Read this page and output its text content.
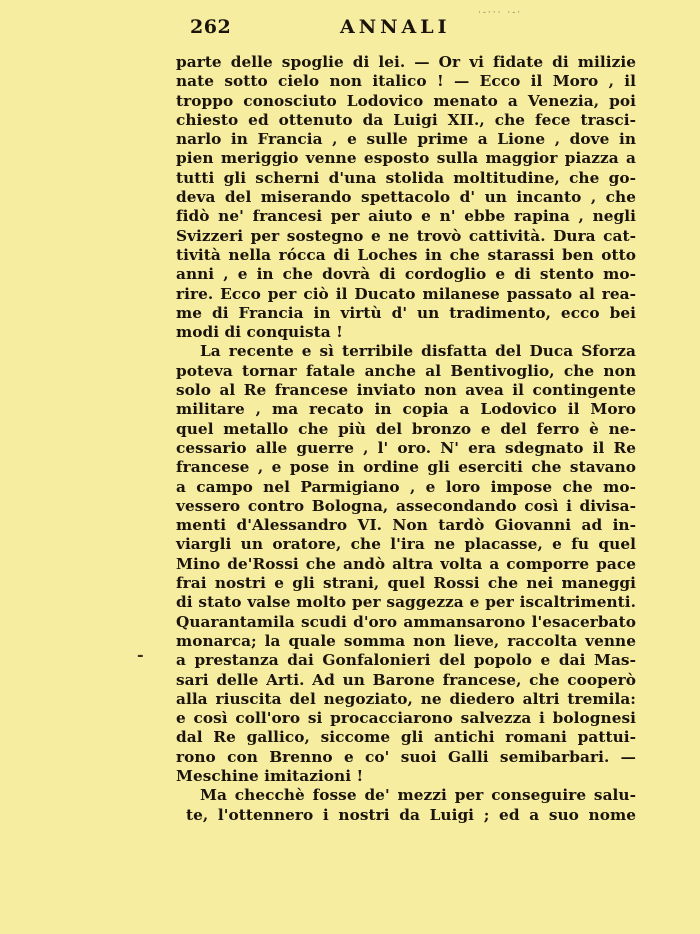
262	ANNALI
·-··· ·-·
-
parte delle spoglie di lei. — Or vi fidate di milizie
nate sotto cielo non italico ! — Ecco il Moro , il
troppo conosciuto Lodovico menato a Venezia, poi
chiesto ed ottenuto da Luigi XII., che fece trasci-
narlo in Francia , e sulle prime a Lione , dove in
pien meriggio venne esposto sulla maggior piazza a
tutti gli scherni d'una stolida moltitudine, che go-
deva del miserando spettacolo d' un incanto , che
fidò ne' francesi per aiuto e n' ebbe rapina , negli
Svizzeri per sostegno e ne trovò cattività. Dura cat-
tività nella rócca di Loches in che starassi ben otto
anni , e in che dovrà di cordoglio e di stento mo-
rire. Ecco per ciò il Ducato milanese passato al rea-
me di Francia in virtù d' un tradimento, ecco bei
modi di conquista !
La recente e sì terribile disfatta del Duca Sforza
poteva tornar fatale anche al Bentivoglio, che non
solo al Re francese inviato non avea il contingente
militare , ma recato in copia a Lodovico il Moro
quel metallo che più del bronzo e del ferro è ne-
cessario alle guerre , l' oro. N' era sdegnato il Re
francese , e pose in ordine gli eserciti che stavano
a campo nel Parmigiano , e loro impose che mo-
vessero contro Bologna, assecondando così i divisa-
menti d'Alessandro VI. Non tardò Giovanni ad in-
viargli un oratore, che l'ira ne placasse, e fu quel
Mino de'Rossi che andò altra volta a comporre pace
frai nostri e gli strani, quel Rossi che nei maneggi
di stato valse molto per saggezza e per iscaltrimenti.
Quarantamila scudi d'oro ammansarono l'esacerbato
monarca; la quale somma non lieve, raccolta venne
a prestanza dai Gonfalonieri del popolo e dai Mas-
sari delle Arti. Ad un Barone francese, che cooperò
alla riuscita del negoziato, ne diedero altri tremila:
e così coll'oro si procacciarono salvezza i bolognesi
dal Re gallico, siccome gli antichi romani pattui-
rono con Brenno e co' suoi Galli semibarbari. —
Meschine imitazioni !
Ma checchè fosse de' mezzi per conseguire salu-
te, l'ottennero i nostri da Luigi ; ed a suo nome
